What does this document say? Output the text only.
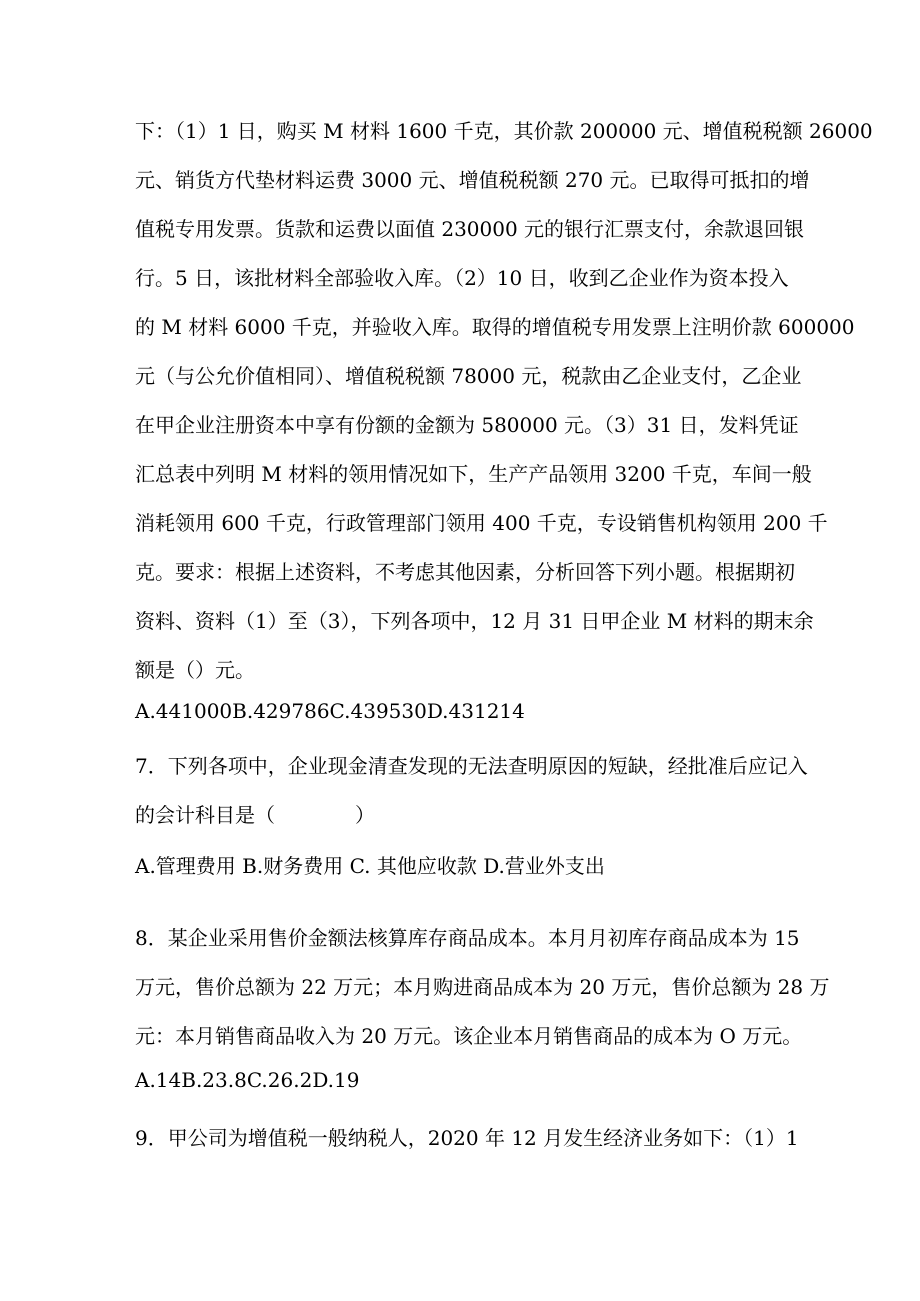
下：（1）1 日，购买 M 材料 1600 千克，其价款 200000 元、增值税税额 26000
元、销货方代垫材料运费 3000 元、增值税税额 270 元。已取得可抵扣的增
值税专用发票。货款和运费以面值 230000 元的银行汇票支付，余款退回银
行。5 日，该批材料全部验收入库。（2）10 日，收到乙企业作为资本投入
的 M 材料 6000 千克，并验收入库。取得的增值税专用发票上注明价款 600000
元（与公允价值相同）、增值税税额 78000 元，税款由乙企业支付，乙企业
在甲企业注册资本中享有份额的金额为 580000 元。（3）31 日，发料凭证
汇总表中列明 M 材料的领用情况如下，生产产品领用 3200 千克，车间一般
消耗领用 600 千克，行政管理部门领用 400 千克，专设销售机构领用 200 千
克。要求：根据上述资料，不考虑其他因素，分析回答下列小题。根据期初
资料、资料（1）至（3），下列各项中，12 月 31 日甲企业 M 材料的期末余
额是（）元。
A.441000B.429786C.439530D.431214
7．下列各项中，企业现金清查发现的无法查明原因的短缺，经批准后应记入
的会计科目是（　　　　）
A.管理费用 B.财务费用 C. 其他应收款 D.营业外支出
8．某企业采用售价金额法核算库存商品成本。本月月初库存商品成本为 15
万元，售价总额为 22 万元；本月购进商品成本为 20 万元，售价总额为 28 万
元：本月销售商品收入为 20 万元。该企业本月销售商品的成本为 O 万元。
A.14B.23.8C.26.2D.19
9．甲公司为增值税一般纳税人，2020 年 12 月发生经济业务如下：（1）1
